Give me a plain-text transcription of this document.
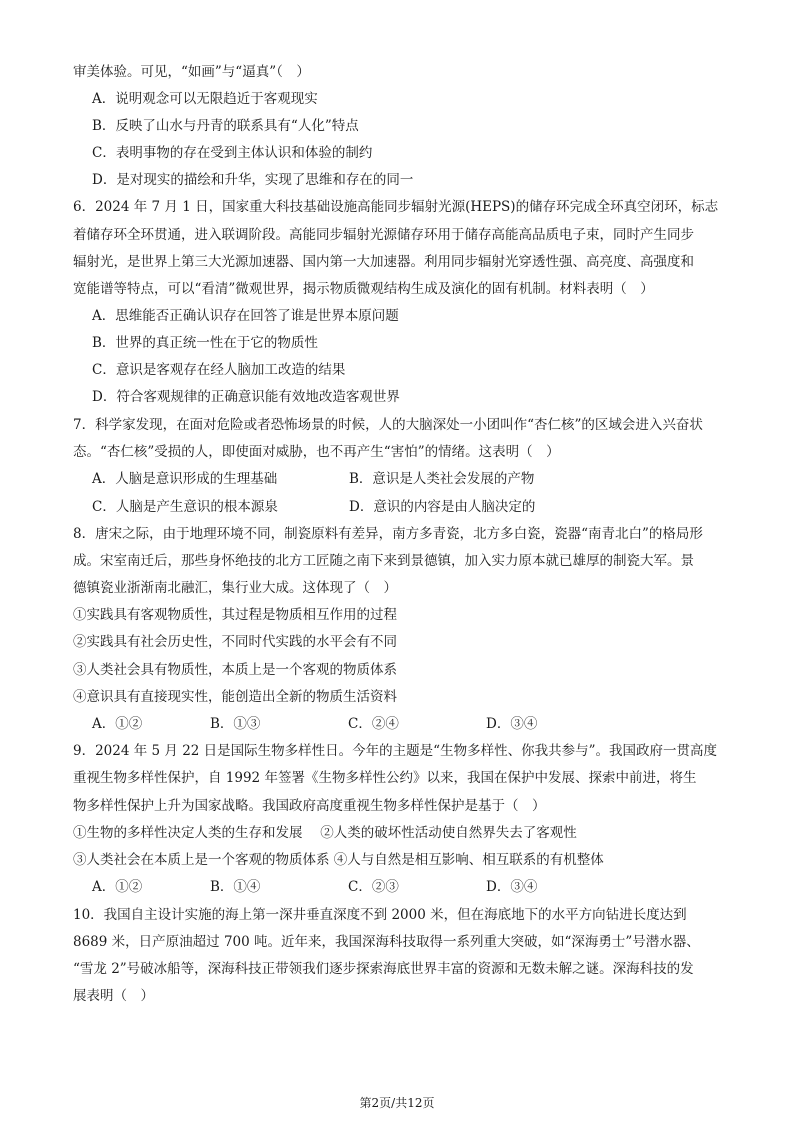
审美体验。可见，“如画”与“逼真”（　）
A．说明观念可以无限趋近于客观现实
B．反映了山水与丹青的联系具有“人化”特点
C．表明事物的存在受到主体认识和体验的制约
D．是对现实的描绘和升华，实现了思维和存在的同一
6．2024 年 7 月 1 日，国家重大科技基础设施高能同步辐射光源(HEPS)的储存环完成全环真空闭环，标志
着储存环全环贯通，进入联调阶段。高能同步辐射光源储存环用于储存高能高品质电子束，同时产生同步
辐射光，是世界上第三大光源加速器、国内第一大加速器。利用同步辐射光穿透性强、高亮度、高强度和
宽能谱等特点，可以“看清”微观世界，揭示物质微观结构生成及演化的固有机制。材料表明（　）
A．思维能否正确认识存在回答了谁是世界本原问题
B．世界的真正统一性在于它的物质性
C．意识是客观存在经人脑加工改造的结果
D．符合客观规律的正确意识能有效地改造客观世界
7．科学家发现，在面对危险或者恐怖场景的时候，人的大脑深处一小团叫作“杏仁核”的区域会进入兴奋状
态。“杏仁核”受损的人，即使面对威胁，也不再产生“害怕”的情绪。这表明（　）
A．人脑是意识形成的生理基础	B．意识是人类社会发展的产物
C．人脑是产生意识的根本源泉	D．意识的内容是由人脑决定的
8．唐宋之际，由于地理环境不同，制瓷原料有差异，南方多青瓷，北方多白瓷，瓷器“南青北白”的格局形
成。宋室南迁后，那些身怀绝技的北方工匠随之南下来到景德镇，加入实力原本就已雄厚的制瓷大军。景
德镇瓷业浙渐南北融汇，集行业大成。这体现了（　）
①实践具有客观物质性，其过程是物质相互作用的过程
②实践具有社会历史性，不同时代实践的水平会有不同
③人类社会具有物质性，本质上是一个客观的物质体系
④意识具有直接现实性，能创造出全新的物质生活资料
A．①②	B．①③	C．②④	D．③④
9．2024 年 5 月 22 日是国际生物多样性日。今年的主题是“生物多样性、你我共参与”。我国政府一贯高度
重视生物多样性保护，自 1992 年签署《生物多样性公约》以来，我国在保护中发展、探索中前进，将生
物多样性保护上升为国家战略。我国政府高度重视生物多样性保护是基于（　）
①生物的多样性决定人类的生存和发展　 ②人类的破坏性活动使自然界失去了客观性
③人类社会在本质上是一个客观的物质体系 ④人与自然是相互影响、相互联系的有机整体
A．①②	B．①④	C．②③	D．③④
10．我国自主设计实施的海上第一深井垂直深度不到 2000 米，但在海底地下的水平方向钻进长度达到
8689 米，日产原油超过 700 吨。近年来，我国深海科技取得一系列重大突破，如“深海勇士”号潜水器、
“雪龙 2”号破冰船等，深海科技正带领我们逐步探索海底世界丰富的资源和无数未解之谜。深海科技的发
展表明（　）
第2页/共12页
